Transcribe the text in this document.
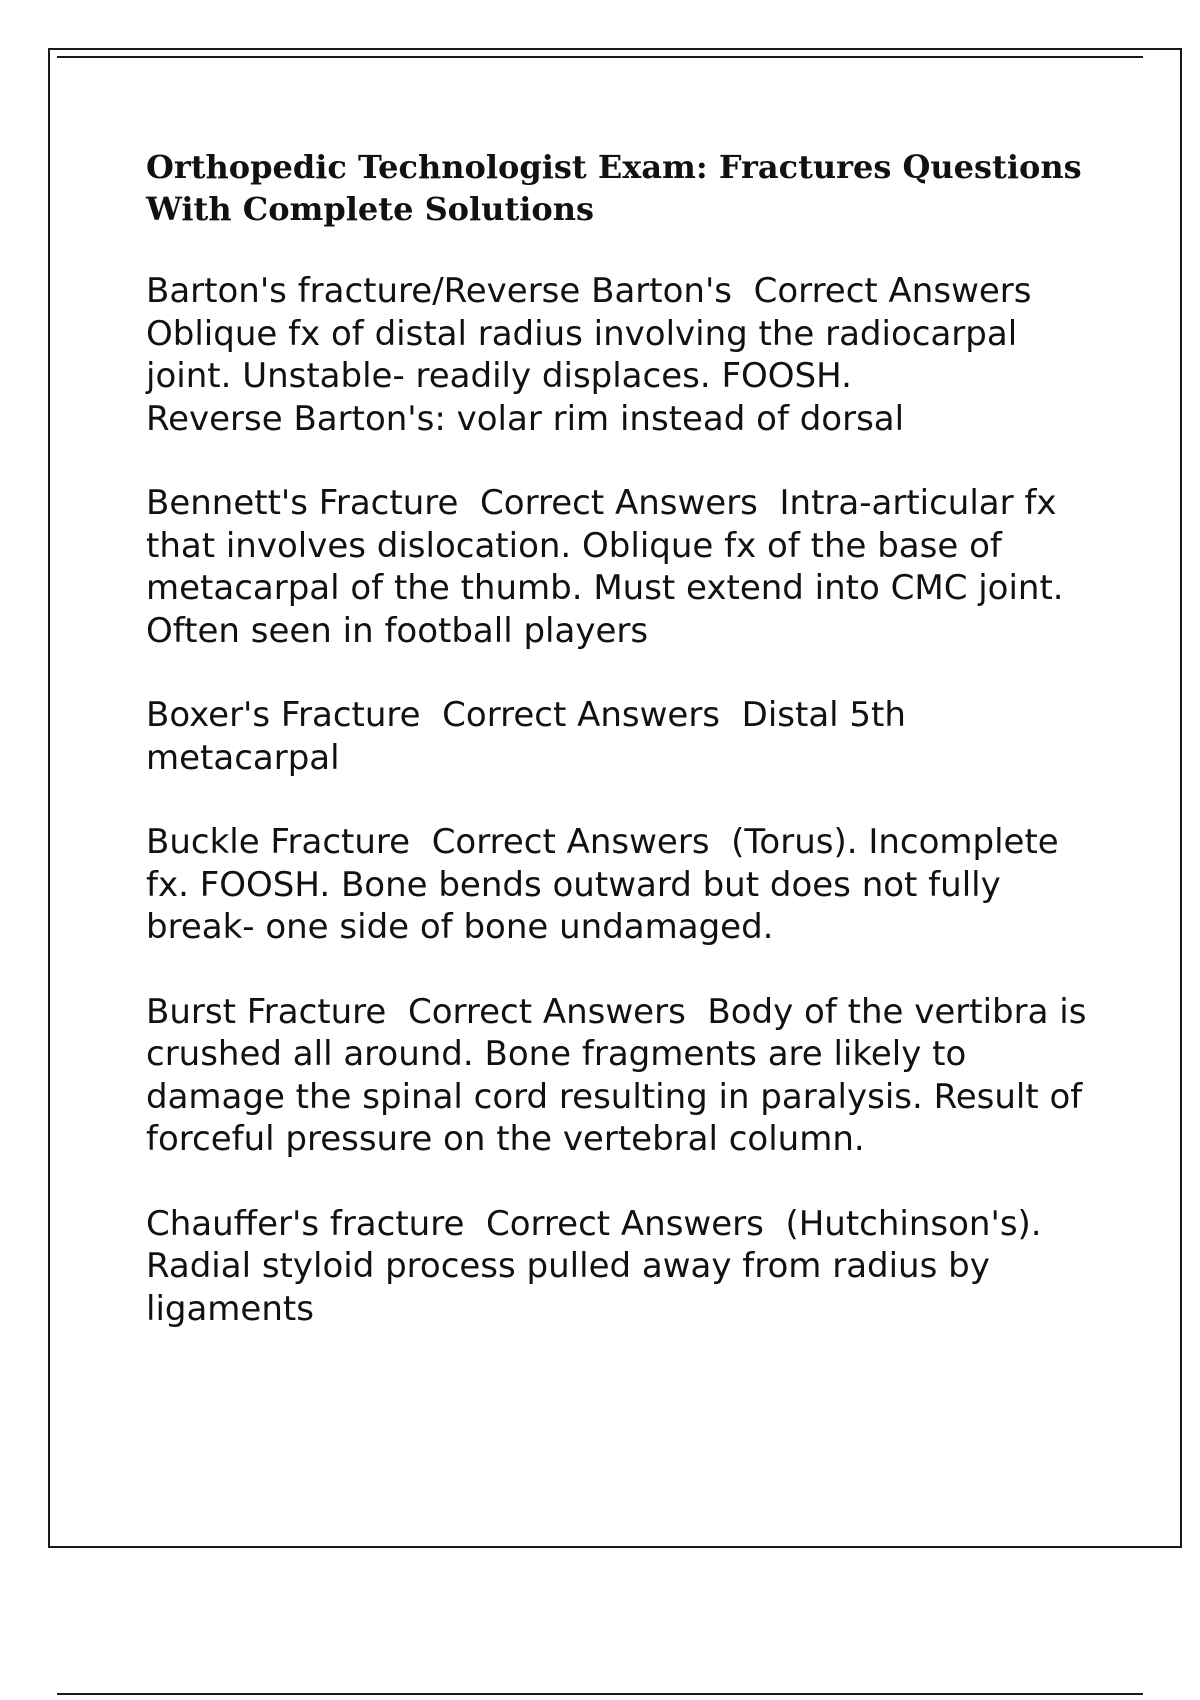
Orthopedic Technologist Exam: Fractures Questions With Complete Solutions

Barton's fracture/Reverse Barton's Correct Answers  Oblique fx of distal radius involving the radiocarpal joint. Unstable- readily displaces. FOOSH.
Reverse Barton's: volar rim instead of dorsal

Bennett's Fracture Correct Answers Intra-articular fx that involves dislocation. Oblique fx of the base of metacarpal of the thumb. Must extend into CMC joint. Often seen in football players

Boxer's Fracture Correct Answers Distal 5th metacarpal

Buckle Fracture Correct Answers (Torus). Incomplete fx. FOOSH. Bone bends outward but does not fully break- one side of bone undamaged.

Burst Fracture Correct Answers Body of the vertibra is crushed all around. Bone fragments are likely to damage the spinal cord resulting in paralysis. Result of forceful pressure on the vertebral column.

Chauffer's fracture Correct Answers (Hutchinson's). Radial styloid process pulled away from radius by ligaments
